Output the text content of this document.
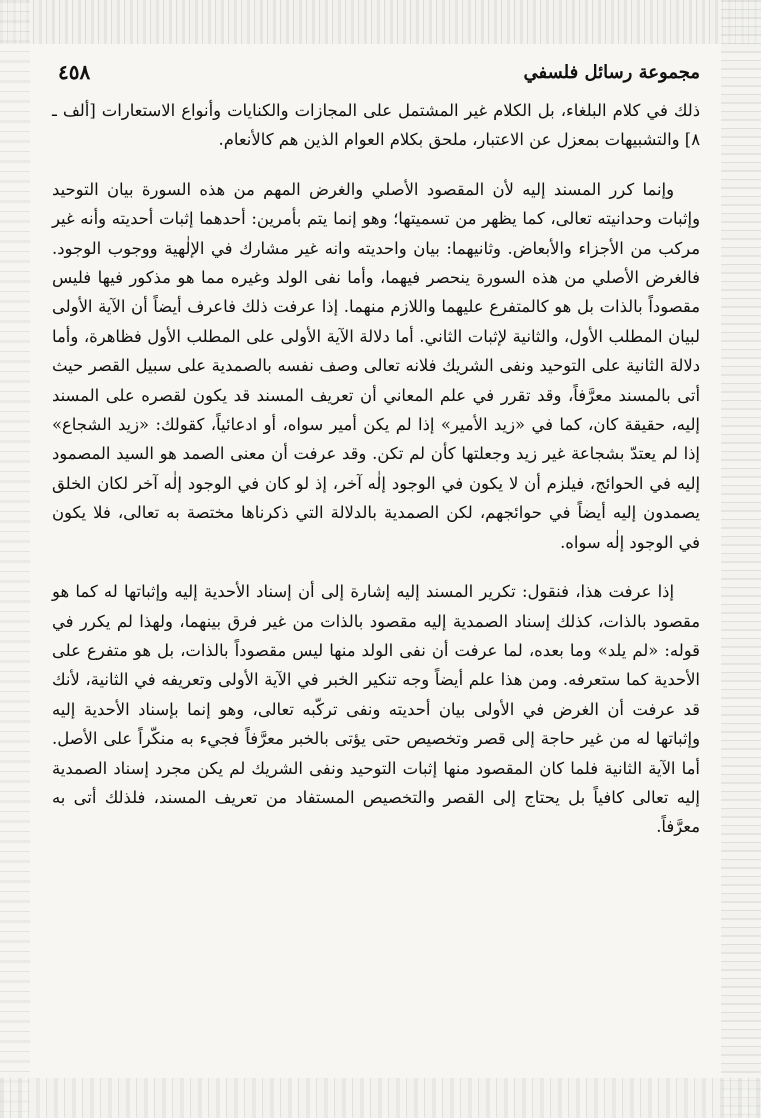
٤٥٨	مجموعة رسائل فلسفي

ذلك في كلام البلغاء، بل الكلام غير المشتمل على المجازات والكنايات وأنواع الاستعارات [ألف ـ ٨] والتشبيهات بمعزل عن الاعتبار، ملحق بكلام العوام الذين هم كالأنعام.

وإنما كرر المسند إليه لأن المقصود الأصلي والغرض المهم من هذه السورة بيان التوحيد وإثبات وحدانيته تعالى، كما يظهر من تسميتها؛ وهو إنما يتم بأمرين: أحدهما إثبات أحديته وأنه غير مركب من الأجزاء والأبعاض. وثانيهما: بيان واحديته وانه غير مشارك في الإلٰهية ووجوب الوجود. فالغرض الأصلي من هذه السورة ينحصر فيهما، وأما نفى الولد وغيره مما هو مذكور فيها فليس مقصوداً بالذات بل هو كالمتفرع عليهما واللازم منهما. إذا عرفت ذلك فاعرف أيضاً أن الآية الأولى لبيان المطلب الأول، والثانية لإثبات الثاني. أما دلالة الآية الأولى على المطلب الأول فظاهرة، وأما دلالة الثانية على التوحيد ونفى الشريك فلانه تعالى وصف نفسه بالصمدية على سبيل القصر حيث أتى بالمسند معرَّفاً، وقد تقرر في علم المعاني أن تعريف المسند قد يكون لقصره على المسند إليه، حقيقة كان، كما في «زيد الأمير» إذا لم يكن أمير سواه، أو ادعائياً، كقولك: «زيد الشجاع» إذا لم يعتدّ بشجاعة غير زيد وجعلتها كأن لم تكن. وقد عرفت أن معنى الصمد هو السيد المصمود إليه في الحوائج، فيلزم أن لا يكون في الوجود إلٰه آخر، إذ لو كان في الوجود إلٰه آخر لكان الخلق يصمدون إليه أيضاً في حوائجهم، لكن الصمدية بالدلالة التي ذكرناها مختصة به تعالى، فلا يكون في الوجود إلٰه سواه.

إذا عرفت هذا، فنقول: تكرير المسند إليه إشارة إلى أن إسناد الأحدية إليه وإثباتها له كما هو مقصود بالذات، كذلك إسناد الصمدية إليه مقصود بالذات من غير فرق بينهما، ولهذا لم يكرر في قوله: «لم يلد» وما بعده، لما عرفت أن نفى الولد منها ليس مقصوداً بالذات، بل هو متفرع على الأحدية كما ستعرفه. ومن هذا علم أيضاً وجه تنكير الخبر في الآية الأولى وتعريفه في الثانية، لأنك قد عرفت أن الغرض في الأولى بيان أحديته ونفى تركّبه تعالى، وهو إنما بإسناد الأحدية إليه وإثباتها له من غير حاجة إلى قصر وتخصيص حتى يؤتى بالخبر معرَّفاً فجيء به منكّراً على الأصل. أما الآية الثانية فلما كان المقصود منها إثبات التوحيد ونفى الشريك لم يكن مجرد إسناد الصمدية إليه تعالى كافياً بل يحتاج إلى القصر والتخصيص المستفاد من تعريف المسند، فلذلك أتى به معرَّفاً.
